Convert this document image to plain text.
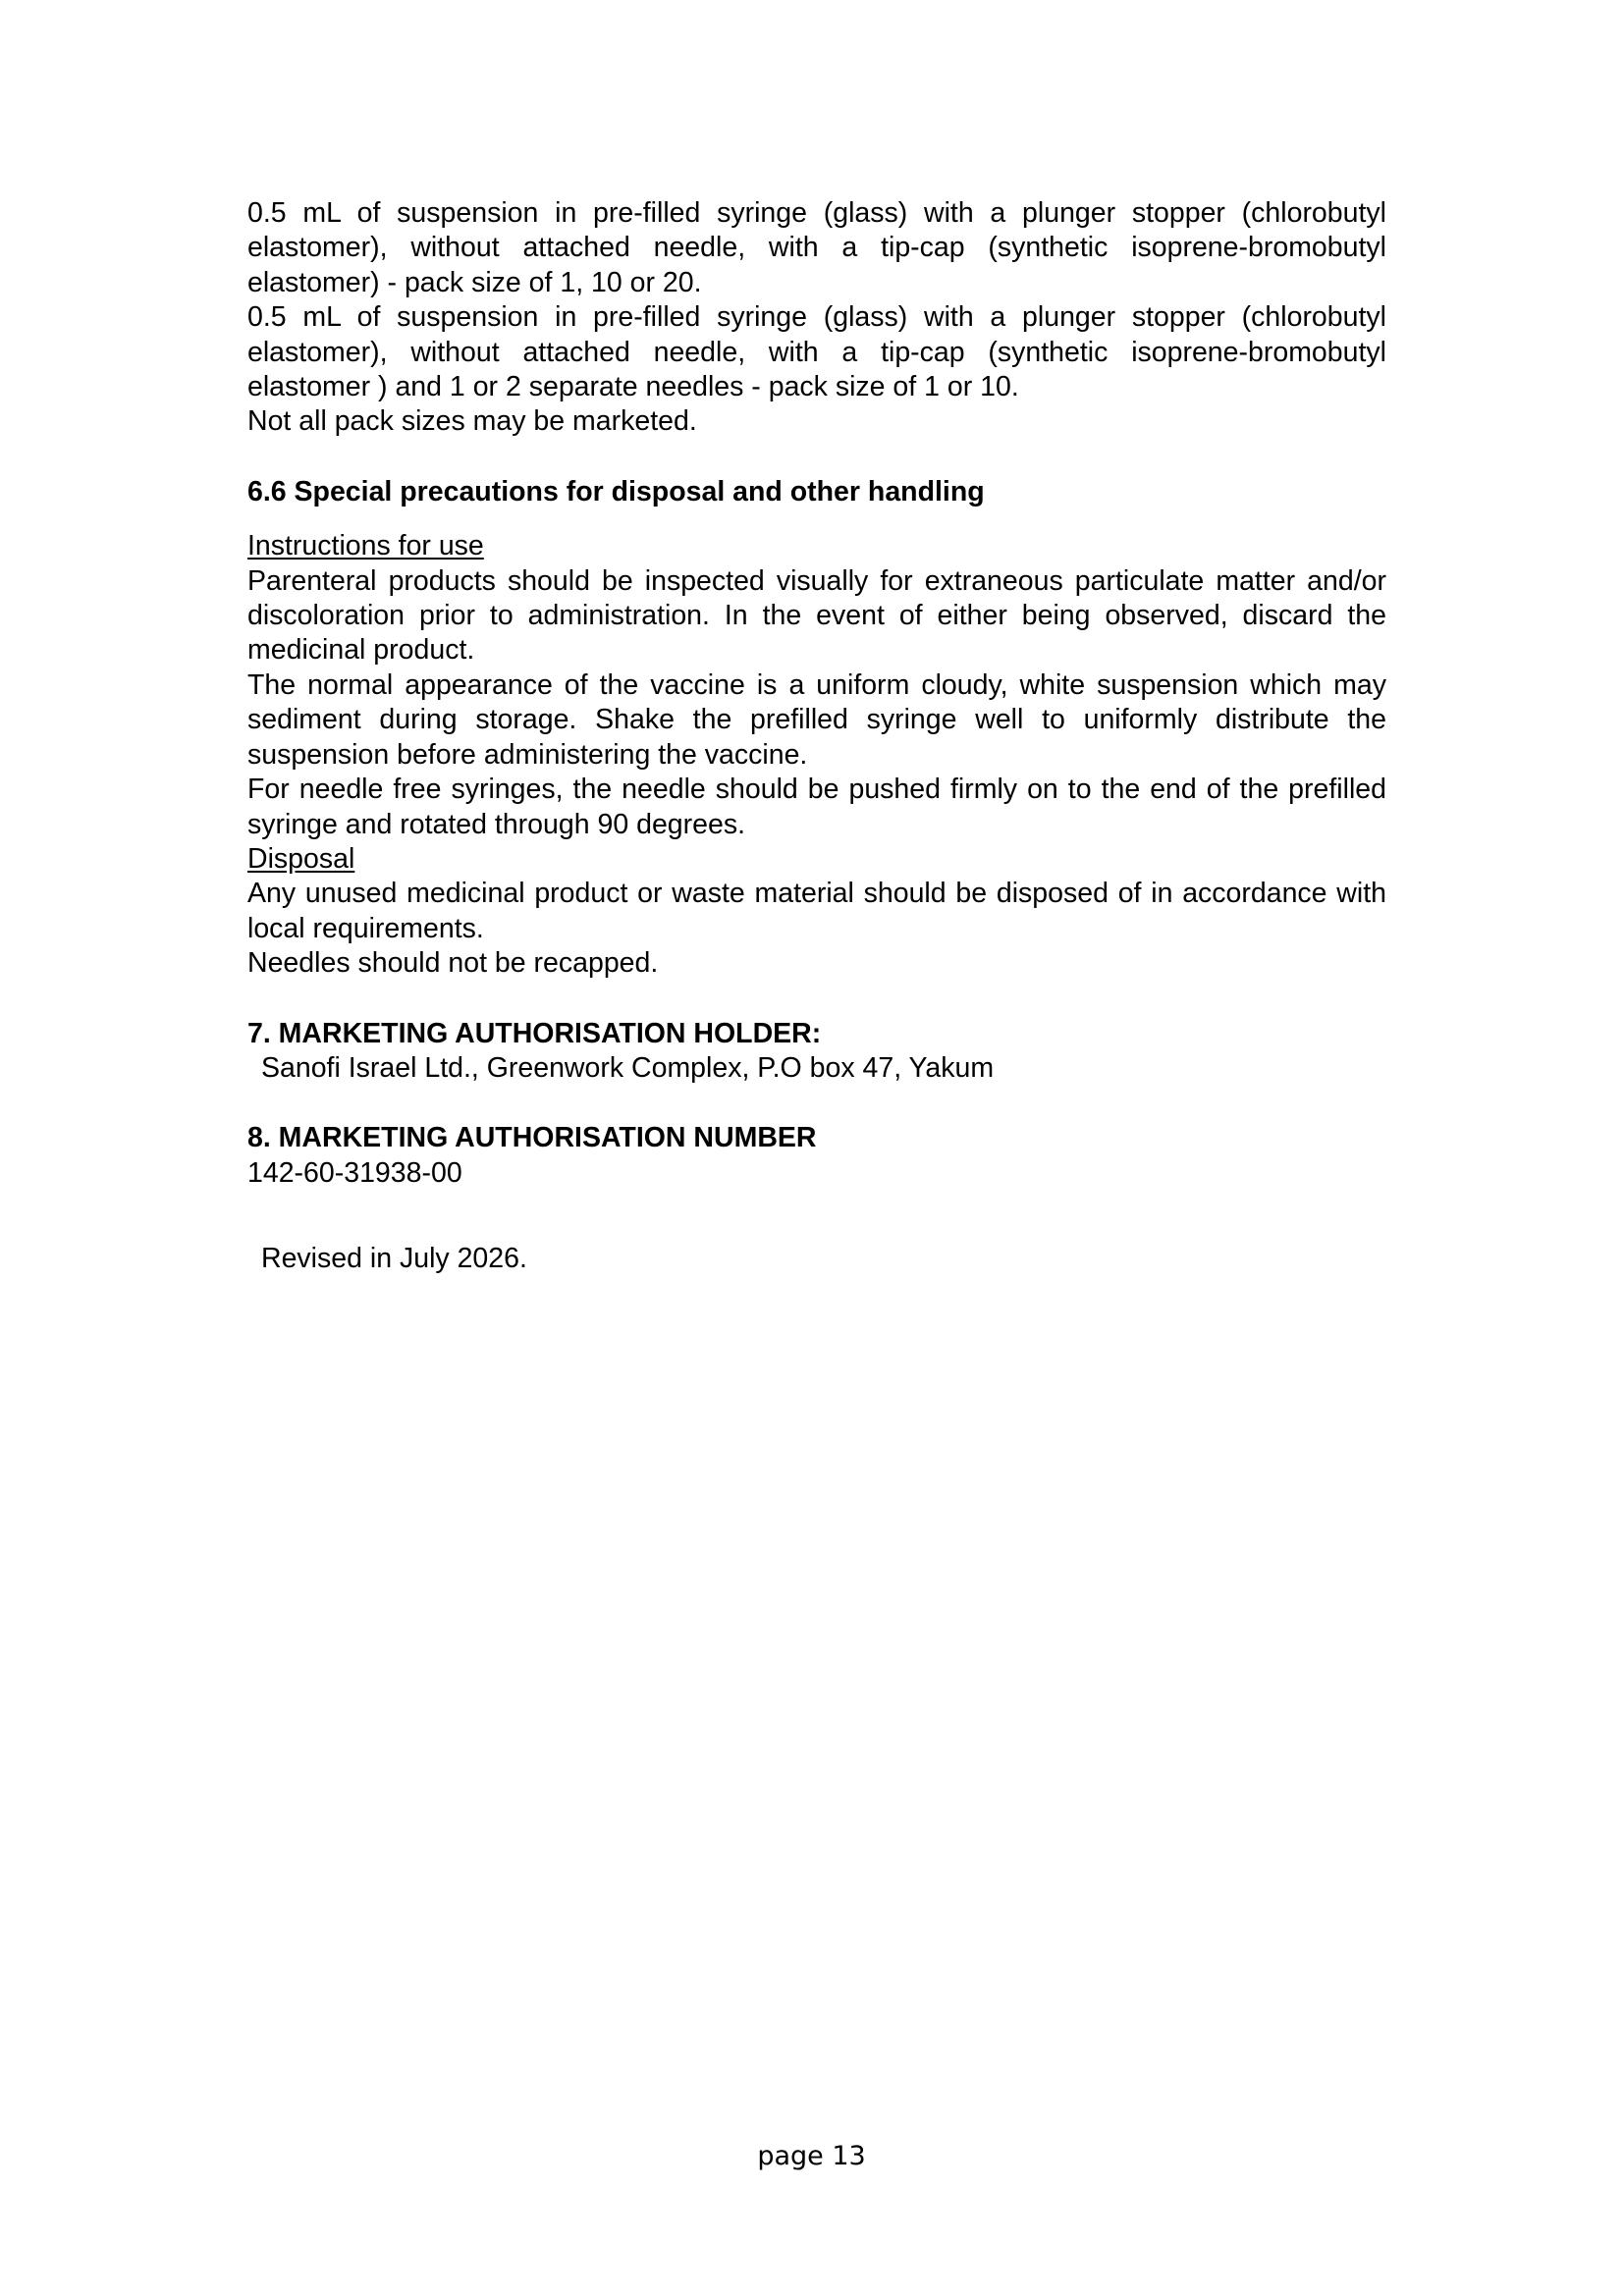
0.5 mL of suspension in pre-filled syringe (glass) with a plunger stopper (chlorobutyl elastomer), without attached needle, with a tip-cap (synthetic isoprene-bromobutyl elastomer) - pack size of 1, 10 or 20.

0.5 mL of suspension in pre-filled syringe (glass) with a plunger stopper (chlorobutyl elastomer), without attached needle, with a tip-cap (synthetic isoprene-bromobutyl elastomer ) and 1 or 2 separate needles - pack size of 1 or 10.

Not all pack sizes may be marketed.

6.6 Special precautions for disposal and other handling

Instructions for use

Parenteral products should be inspected visually for extraneous particulate matter and/or discoloration prior to administration. In the event of either being observed, discard the medicinal product.

The normal appearance of the vaccine is a uniform cloudy, white suspension which may sediment during storage. Shake the prefilled syringe well to uniformly distribute the suspension before administering the vaccine.

For needle free syringes, the needle should be pushed firmly on to the end of the prefilled syringe and rotated through 90 degrees.

Disposal

Any unused medicinal product or waste material should be disposed of in accordance with local requirements.

Needles should not be recapped.

7. MARKETING AUTHORISATION HOLDER:

Sanofi Israel Ltd., Greenwork Complex, P.O box 47, Yakum

8. MARKETING AUTHORISATION NUMBER

142-60-31938-00

Revised in July 2026.

page 13
